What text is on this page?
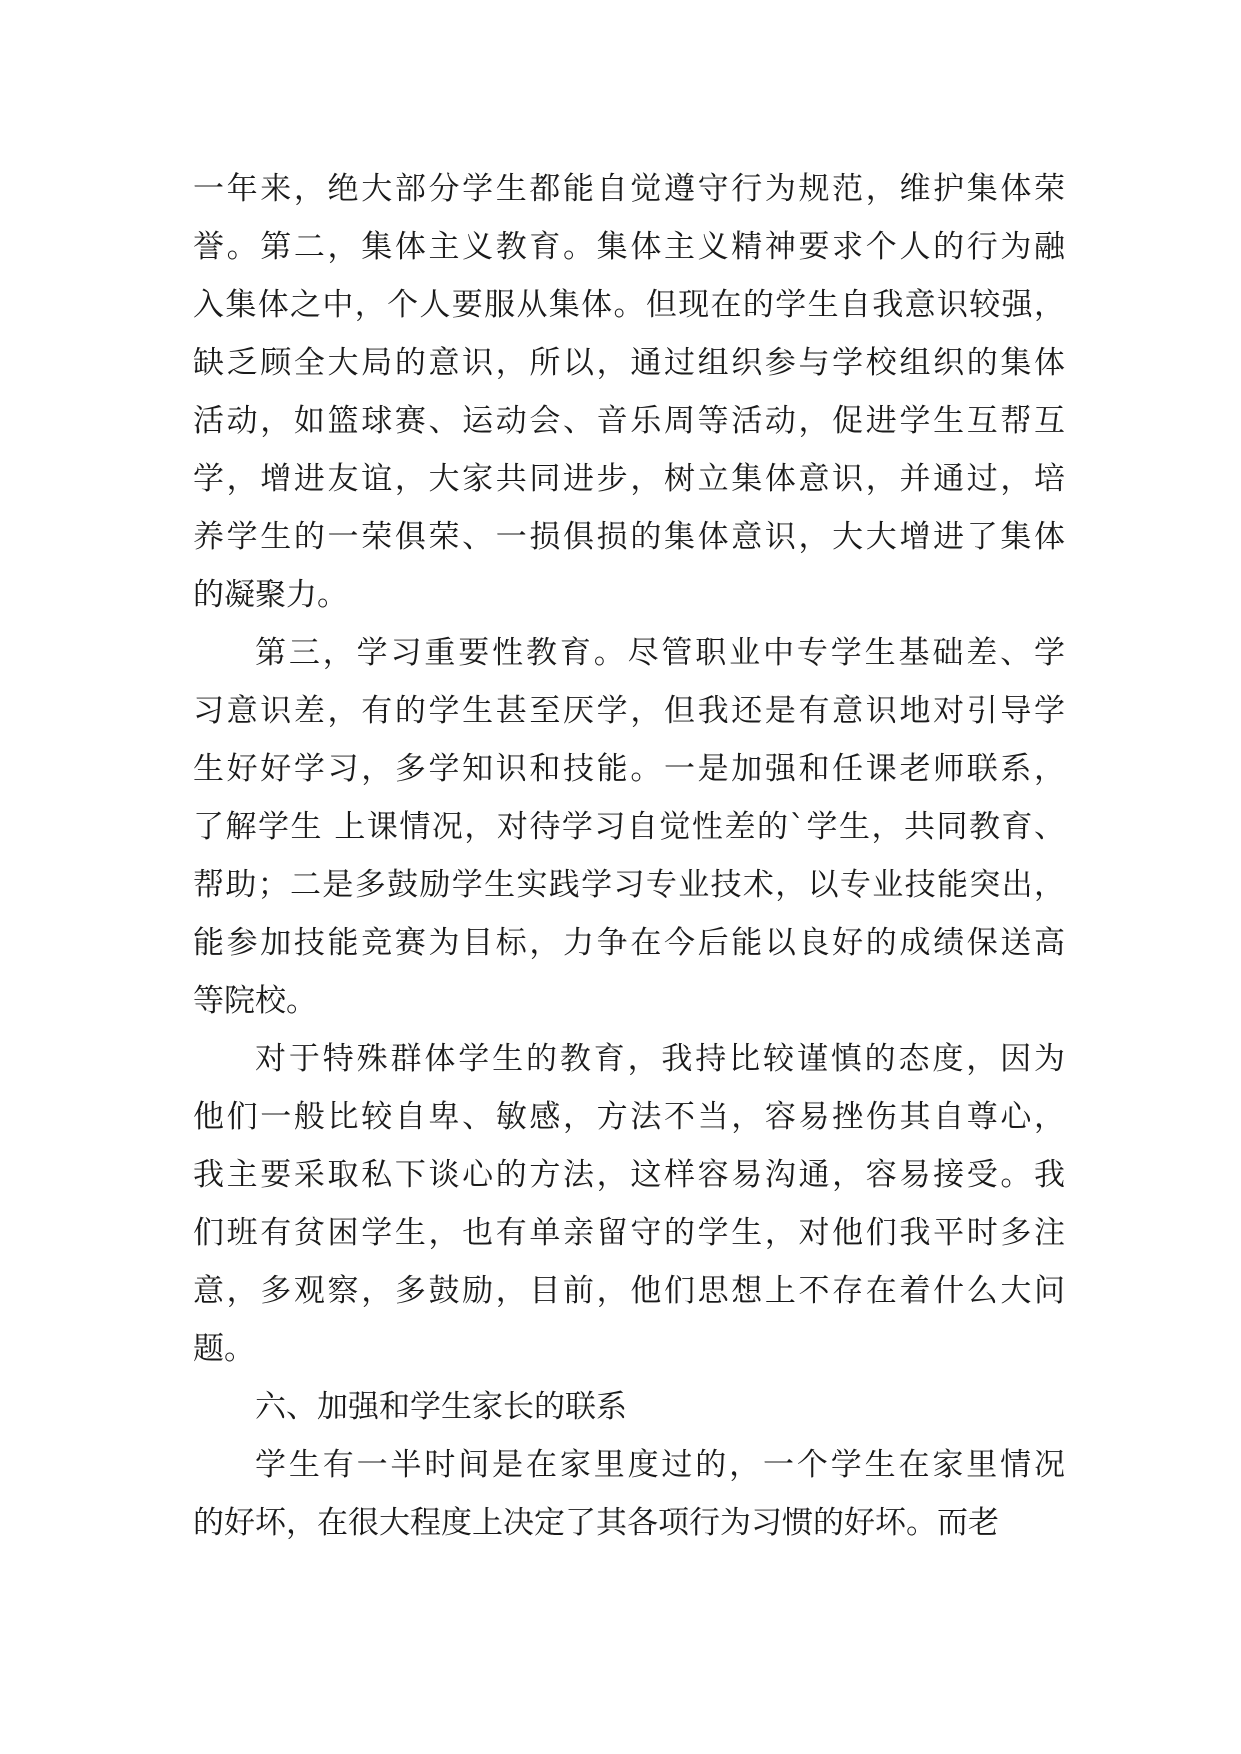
一年来，绝大部分学生都能自觉遵守行为规范，维护集体荣
誉。第二，集体主义教育。集体主义精神要求个人的行为融
入集体之中，个人要服从集体。但现在的学生自我意识较强，
缺乏顾全大局的意识，所以，通过组织参与学校组织的集体
活动，如篮球赛、运动会、音乐周等活动，促进学生互帮互
学，增进友谊，大家共同进步，树立集体意识，并通过，培
养学生的一荣俱荣、一损俱损的集体意识，大大增进了集体
的凝聚力。
第三，学习重要性教育。尽管职业中专学生基础差、学
习意识差，有的学生甚至厌学，但我还是有意识地对引导学
生好好学习，多学知识和技能。一是加强和任课老师联系，
了解学生 上课情况，对待学习自觉性差的`学生，共同教育、
帮助；二是多鼓励学生实践学习专业技术，以专业技能突出，
能参加技能竞赛为目标，力争在今后能以良好的成绩保送高
等院校。
对于特殊群体学生的教育，我持比较谨慎的态度，因为
他们一般比较自卑、敏感，方法不当，容易挫伤其自尊心，
我主要采取私下谈心的方法，这样容易沟通，容易接受。我
们班有贫困学生，也有单亲留守的学生，对他们我平时多注
意，多观察，多鼓励，目前，他们思想上不存在着什么大问
题。
六、加强和学生家长的联系
学生有一半时间是在家里度过的，一个学生在家里情况
的好坏，在很大程度上决定了其各项行为习惯的好坏。而老
